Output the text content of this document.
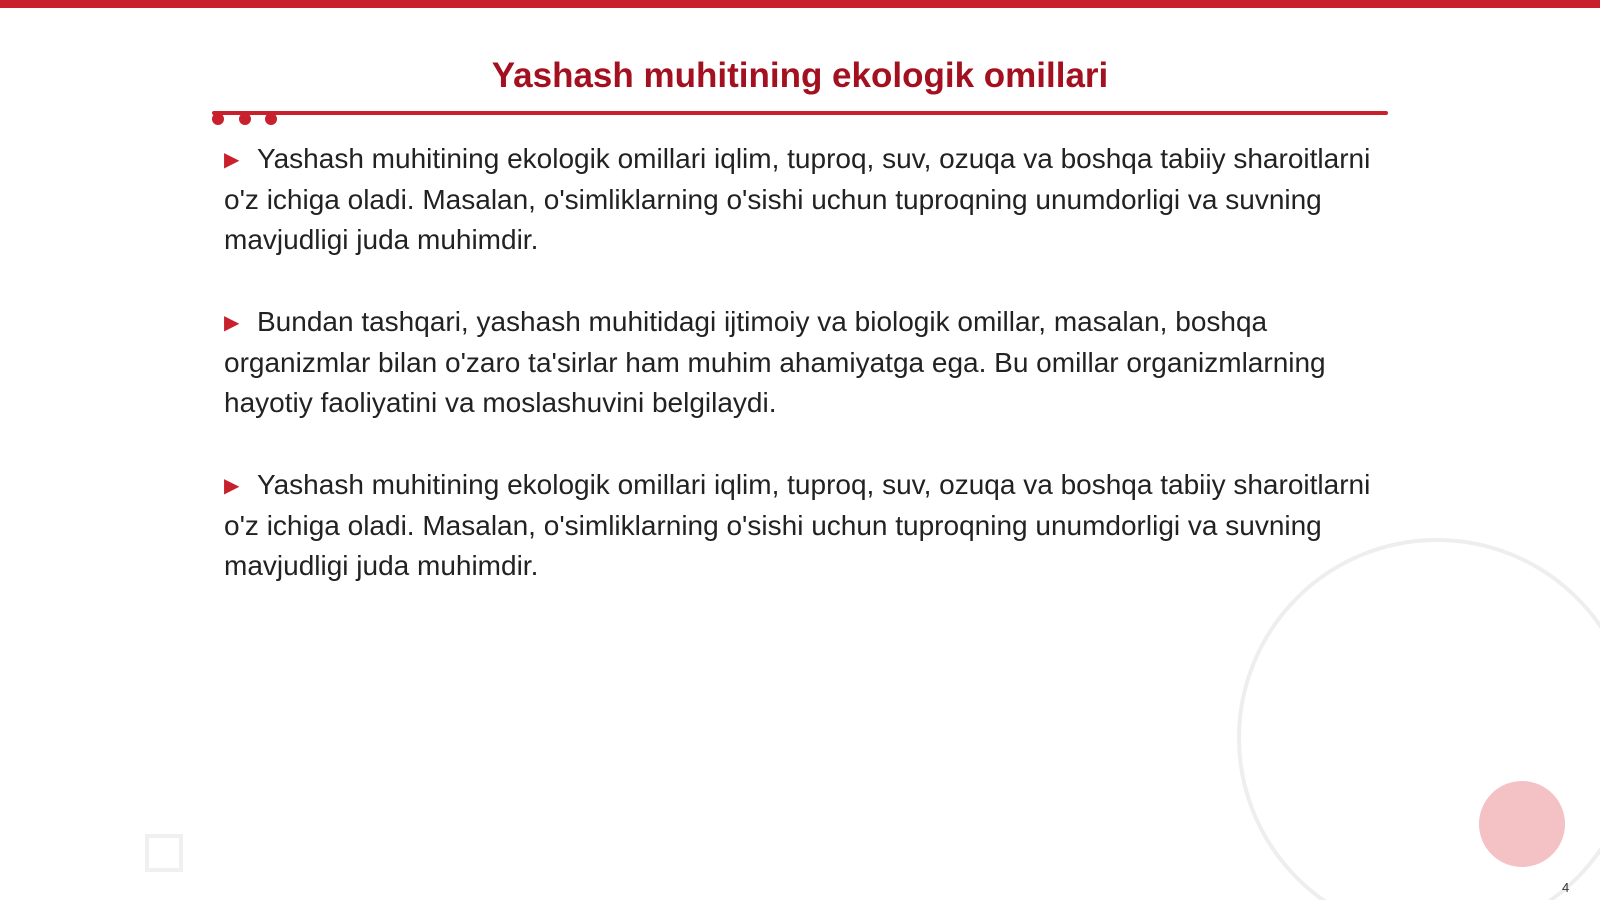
Yashash muhitining ekologik omillari

▶ Yashash muhitining ekologik omillari iqlim, tuproq, suv, ozuqa va boshqa tabiiy sharoitlarni o'z ichiga oladi. Masalan, o'simliklarning o'sishi uchun tuproqning unumdorligi va suvning mavjudligi juda muhimdir.

▶ Bundan tashqari, yashash muhitidagi ijtimoiy va biologik omillar, masalan, boshqa organizmlar bilan o'zaro ta'sirlar ham muhim ahamiyatga ega. Bu omillar organizmlarning hayotiy faoliyatini va moslashuvini belgilaydi.

▶ Yashash muhitining ekologik omillari iqlim, tuproq, suv, ozuqa va boshqa tabiiy sharoitlarni o'z ichiga oladi. Masalan, o'simliklarning o'sishi uchun tuproqning unumdorligi va suvning mavjudligi juda muhimdir.

4
